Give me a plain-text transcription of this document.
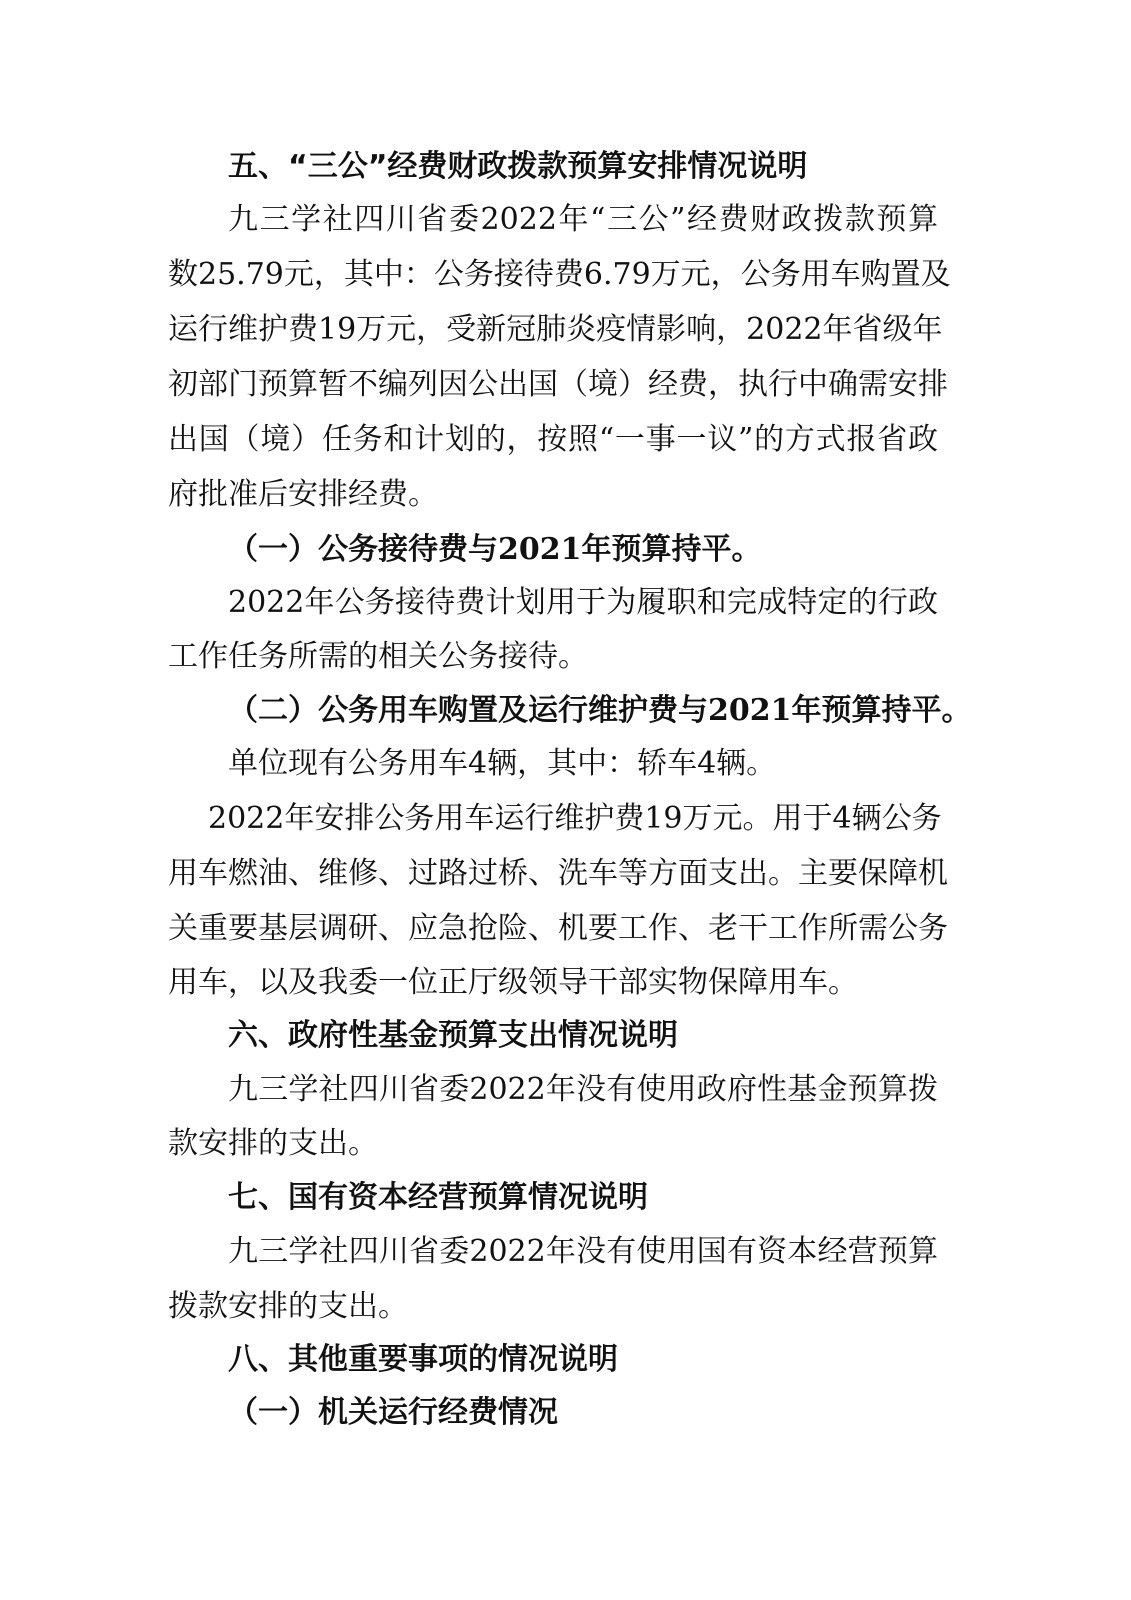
五、“三公”经费财政拨款预算安排情况说明
九三学社四川省委2022年“三公”经费财政拨款预算
数25.79元，其中：公务接待费6.79万元，公务用车购置及
运行维护费19万元，受新冠肺炎疫情影响，2022年省级年
初部门预算暂不编列因公出国（境）经费，执行中确需安排
出国（境）任务和计划的，按照“一事一议”的方式报省政
府批准后安排经费。
（一）公务接待费与2021年预算持平。
2022年公务接待费计划用于为履职和完成特定的行政
工作任务所需的相关公务接待。
（二）公务用车购置及运行维护费与2021年预算持平。
单位现有公务用车4辆，其中：轿车4辆。
2022年安排公务用车运行维护费19万元。用于4辆公务
用车燃油、维修、过路过桥、洗车等方面支出。主要保障机
关重要基层调研、应急抢险、机要工作、老干工作所需公务
用车，以及我委一位正厅级领导干部实物保障用车。
六、政府性基金预算支出情况说明
九三学社四川省委2022年没有使用政府性基金预算拨
款安排的支出。
七、国有资本经营预算情况说明
九三学社四川省委2022年没有使用国有资本经营预算
拨款安排的支出。
八、其他重要事项的情况说明
（一）机关运行经费情况
